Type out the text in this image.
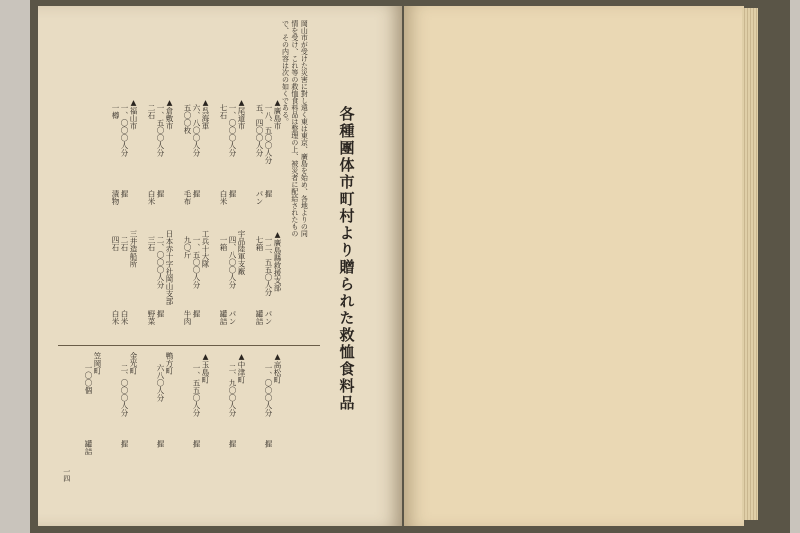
各種團体市町村より贈られた救恤食料品
岡山市が受けた災害に對し遠く東は東京、廣島を始め、各地よりの同情を受け、これ等の救恤食料品は整理の上、被災者に配給されたもので、その内容は次の如くである。
一四
▲廣島市
一八、五〇〇人分
握
五、四〇〇人分
パン
▲尾道市
一、〇〇〇人分
握
七石
白米
▲呉海軍
六、八〇〇人分
握
五〇〇枚
毛布
▲倉敷市
一、五〇〇人分
握
二石
白米
▲福山市
一、〇〇〇人分
握
一樽
漬物
▲廣島縣救援支部
一二、五五〇人分
パン
七箱
罐詰
宇品陸軍支廠
四、八〇〇人分
パン
一箱
罐詰
工兵十大隊
一、五〇〇人分
握
九〇斤
牛肉
日本赤十字社岡山支部
二、〇〇〇人分
握
三石
野菜
三井造船所
二石
白米
四石
白米
▲高松町
一、〇〇〇人分
握
▲中津町
二、九〇〇人分
握
▲玉島町
一、五五〇人分
握
鴨方町
六八〇人分
握
金光町
二、〇〇〇人分
握
笠岡町
一〇〇個
罐詰
